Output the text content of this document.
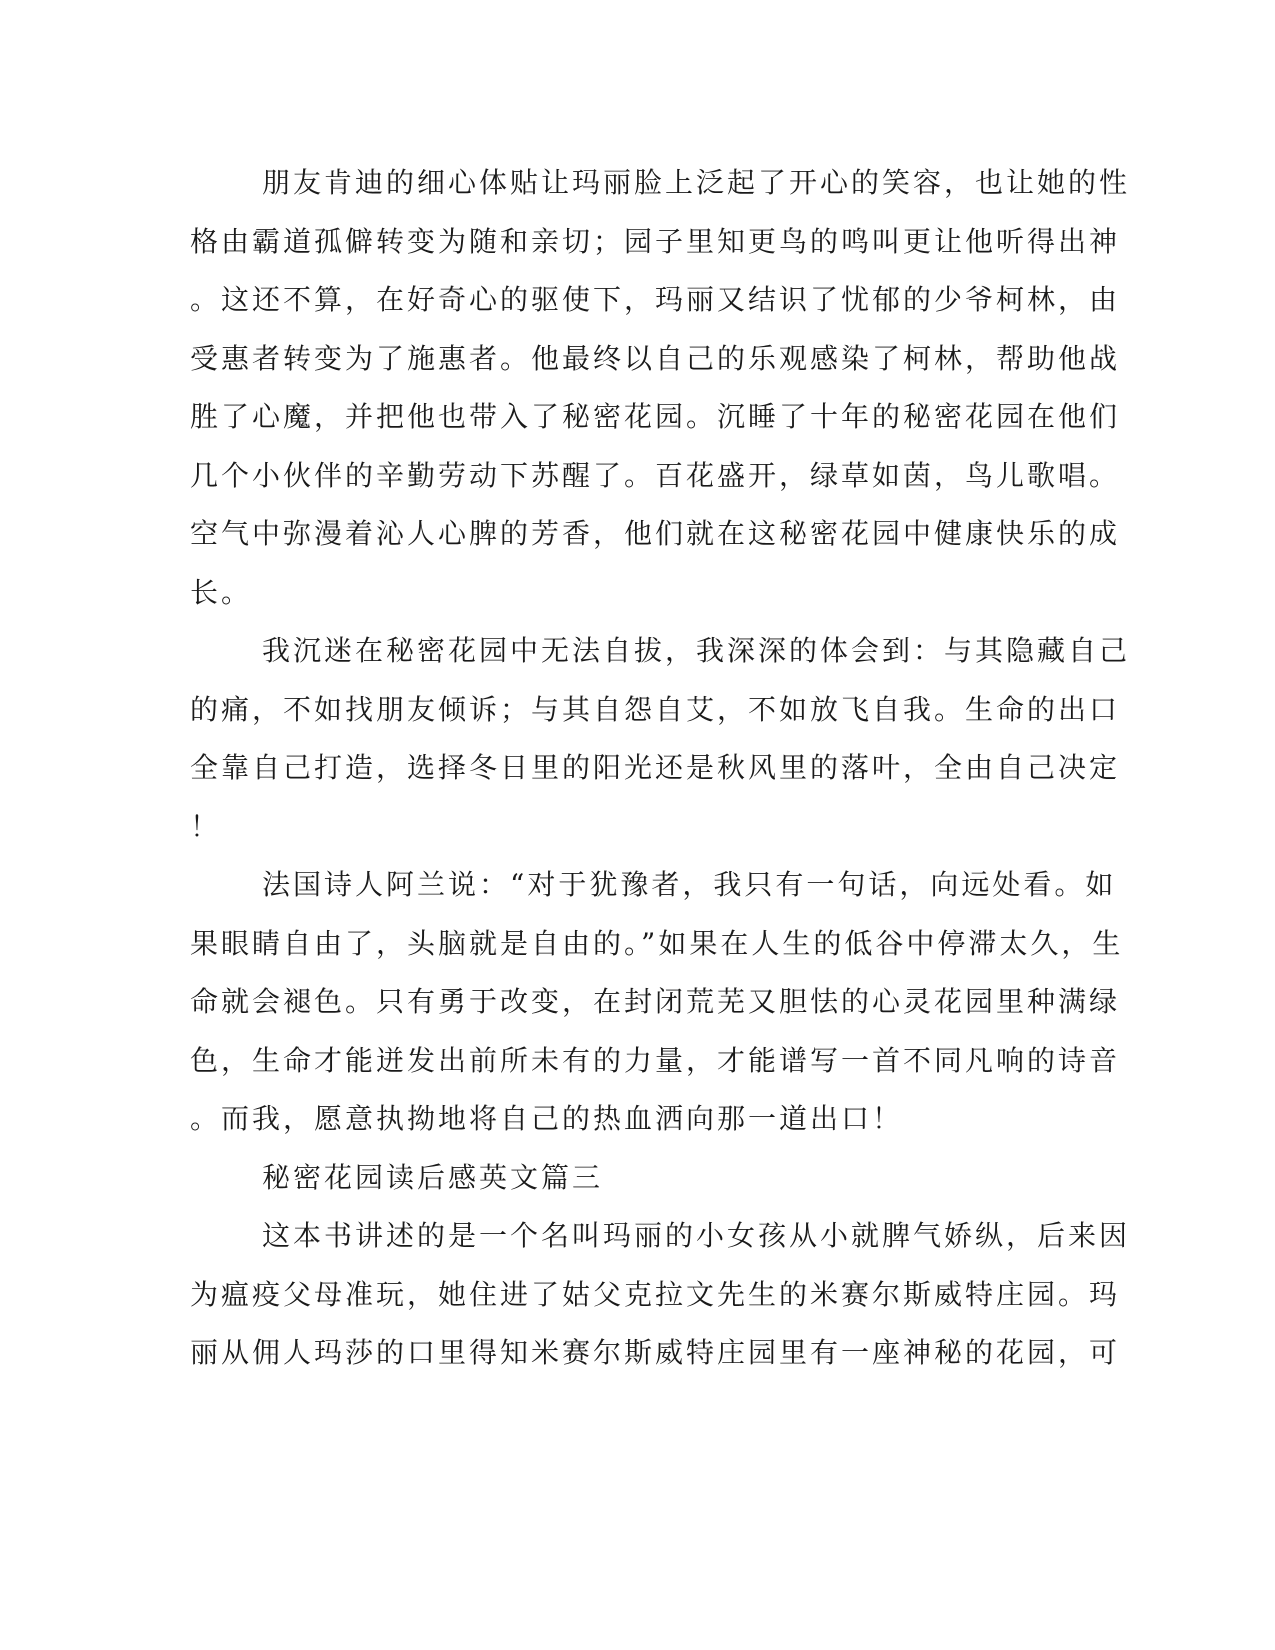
朋友肯迪的细心体贴让玛丽脸上泛起了开心的笑容，也让她的性

格由霸道孤僻转变为随和亲切；园子里知更鸟的鸣叫更让他听得出神

。这还不算，在好奇心的驱使下，玛丽又结识了忧郁的少爷柯林，由

受惠者转变为了施惠者。他最终以自己的乐观感染了柯林，帮助他战

胜了心魔，并把他也带入了秘密花园。沉睡了十年的秘密花园在他们

几个小伙伴的辛勤劳动下苏醒了。百花盛开，绿草如茵，鸟儿歌唱。

空气中弥漫着沁人心脾的芳香，他们就在这秘密花园中健康快乐的成

长。

我沉迷在秘密花园中无法自拔，我深深的体会到：与其隐藏自己

的痛，不如找朋友倾诉；与其自怨自艾，不如放飞自我。生命的出口

全靠自己打造，选择冬日里的阳光还是秋风里的落叶，全由自己决定

！

法国诗人阿兰说：“对于犹豫者，我只有一句话，向远处看。如

果眼睛自由了，头脑就是自由的。”如果在人生的低谷中停滞太久，生

命就会褪色。只有勇于改变，在封闭荒芜又胆怯的心灵花园里种满绿

色，生命才能迸发出前所未有的力量，才能谱写一首不同凡响的诗音

。而我，愿意执拗地将自己的热血洒向那一道出口！

秘密花园读后感英文篇三

这本书讲述的是一个名叫玛丽的小女孩从小就脾气娇纵，后来因

为瘟疫父母准玩，她住进了姑父克拉文先生的米赛尔斯威特庄园。玛

丽从佣人玛莎的口里得知米赛尔斯威特庄园里有一座神秘的花园，可
